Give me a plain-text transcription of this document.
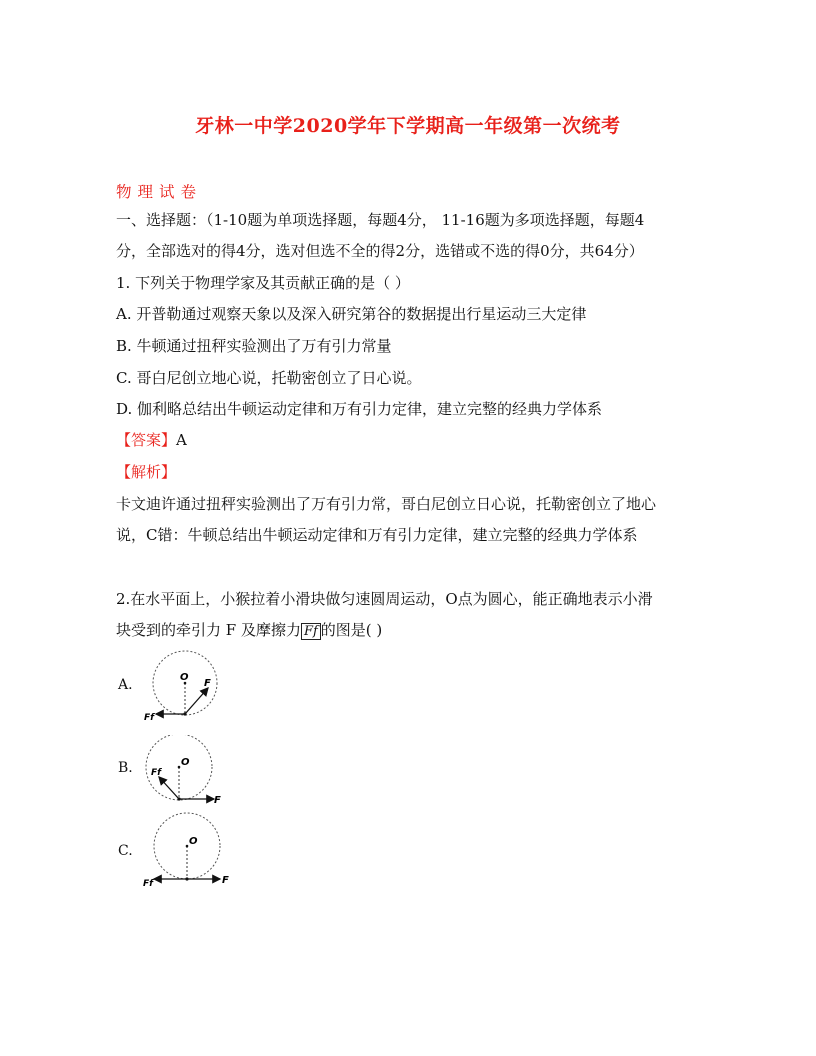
牙林一中学2020学年下学期高一年级第一次统考
物理试卷
一、选择题：（1-10题为单项选择题，每题4分， 11-16题为多项选择题，每题4
分，全部选对的得4分，选对但选不全的得2分，选错或不选的得0分，共64分）
1. 下列关于物理学家及其贡献正确的是（ ）
A. 开普勒通过观察天象以及深入研究第谷的数据提出行星运动三大定律
B. 牛顿通过扭秤实验测出了万有引力常量
C. 哥白尼创立地心说，托勒密创立了日心说。
D. 伽利略总结出牛顿运动定律和万有引力定律，建立完整的经典力学体系
【答案】A
【解析】
卡文迪许通过扭秤实验测出了万有引力常，哥白尼创立日心说，托勒密创立了地心
说，C错：牛顿总结出牛顿运动定律和万有引力定律，建立完整的经典力学体系
2.在水平面上，小猴拉着小滑块做匀速圆周运动，O点为圆心，能正确地表示小滑
块受到的牵引力 F 及摩擦力 Ff 的图是( )
A.	O
F
Ff
B.	O
F
Ff
C.
O
F
Ff
